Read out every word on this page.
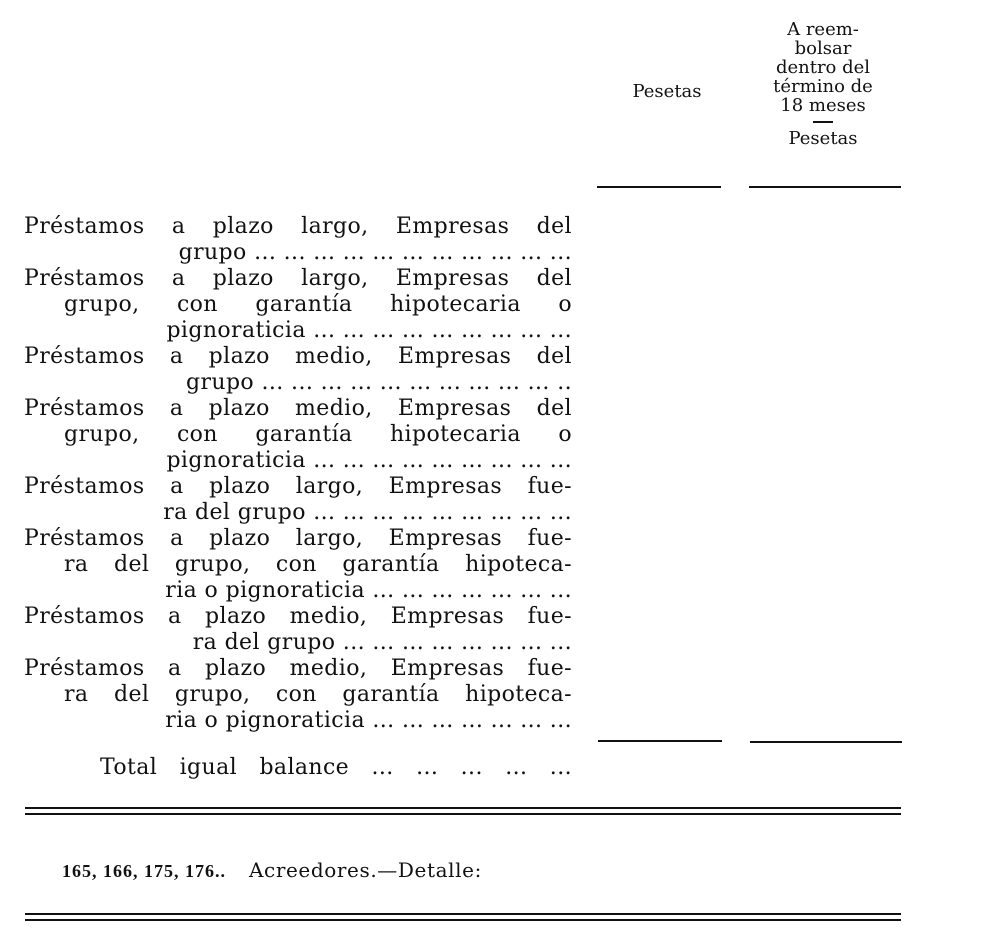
Pesetas
A reem-
bolsar
dentro del
término de
18 meses
Pesetas
Préstamos a plazo largo, Empresas del
grupo ... ... ... ... ... ... ... ... ... ... ...
Préstamos a plazo largo, Empresas del
grupo, con garantía hipotecaria o
pignoraticia ... ... ... ... ... ... ... ... ...
Préstamos a plazo medio, Empresas del
grupo ... ... ... ... ... ... ... ... ... ... ..
Préstamos a plazo medio, Empresas del
grupo, con garantía hipotecaria o
pignoraticia ... ... ... ... ... ... ... ... ...
Préstamos a plazo largo, Empresas fue-
ra del grupo ... ... ... ... ... ... ... ... ...
Préstamos a plazo largo, Empresas fue-
ra del grupo, con garantía hipoteca-
ria o pignoraticia ... ... ... ... ... ... ...
Préstamos a plazo medio, Empresas fue-
ra del grupo ... ... ... ... ... ... ... ...
Préstamos a plazo medio, Empresas fue-
ra del grupo, con garantía hipoteca-
ria o pignoraticia ... ... ... ... ... ... ...
Total igual balance ... ... ... ... ...
165, 166, 175, 176.. Acreedores.—Detalle:
